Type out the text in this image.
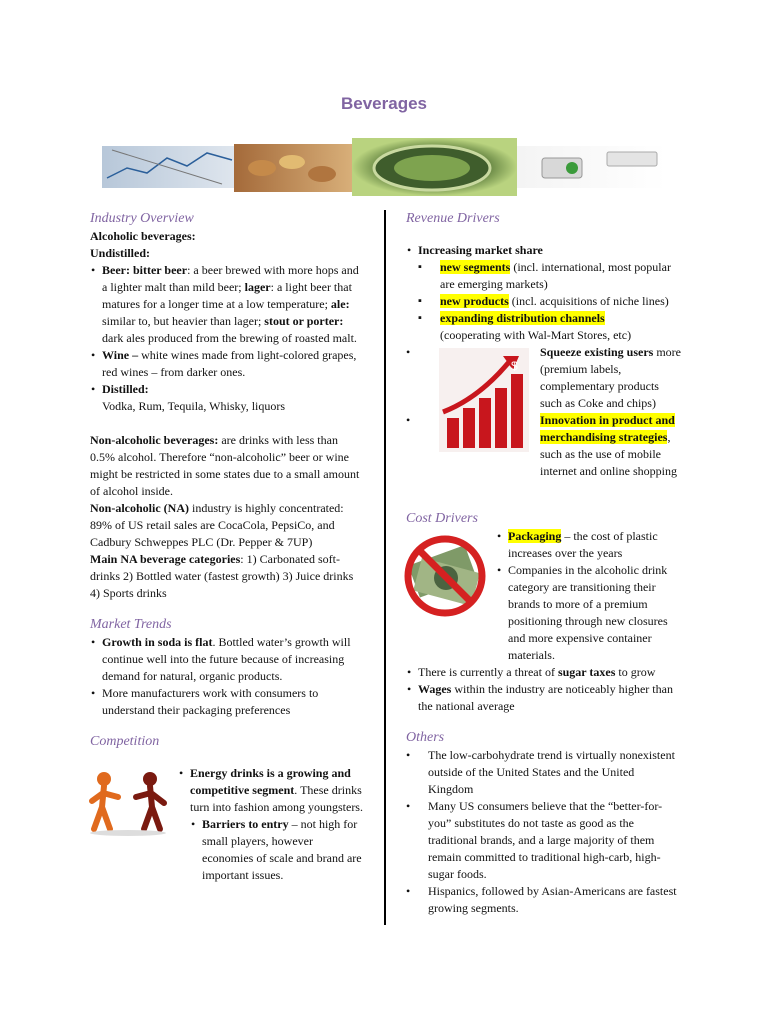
Beverages
Industry Overview

Alcoholic beverages:

Undistilled:

• Beer: bitter beer: a beer brewed with more hops and a lighter malt than mild beer; lager: a light beer that matures for a longer time at a low temperature; ale: similar to, but heavier than lager; stout or porter: dark ales produced from the brewing of roasted malt.
• Wine – white wines made from light-colored grapes, red wines – from darker ones.
• Distilled:
Vodka, Rum, Tequila, Whisky, liquors

Non-alcoholic beverages: are drinks with less than 0.5% alcohol. Therefore “non-alcoholic” beer or wine might be restricted in some states due to a small amount of alcohol inside.

Non-alcoholic (NA) industry is highly concentrated: 89% of US retail sales are CocaCola, PepsiCo, and Cadbury Schweppes PLC (Dr. Pepper & 7UP)

Main NA beverage categories: 1) Carbonated soft-drinks 2) Bottled water (fastest growth) 3) Juice drinks 4) Sports drinks

Market Trends
• Growth in soda is flat. Bottled water’s growth will continue well into the future because of increasing demand for natural, organic products.
• More manufacturers work with consumers to understand their packaging preferences
Competition
• Energy drinks is a growing and competitive segment. These drinks turn into fashion among youngsters.
• Barriers to entry – not high for small players, however economies of scale and brand are important issues.
Revenue Drivers
• Increasing market share
▪ new segments (incl. international, most popular are emerging markets)
▪ new products (incl. acquisitions of niche lines)
▪ expanding distribution channels
(cooperating with Wal-Mart Stores, etc)
$
•	Squeeze existing users more (premium labels, complementary products such as Coke and chips)
•	Innovation in product and merchandising strategies, such as the use of mobile internet and online shopping
Cost Drivers
• Packaging – the cost of plastic increases over the years
• Companies in the alcoholic drink category are transitioning their brands to more of a premium positioning through new closures and more expensive container materials.
• There is currently a threat of sugar taxes to grow
• Wages within the industry are noticeably higher than the national average
Others
• The low-carbohydrate trend is virtually nonexistent outside of the United States and the United Kingdom
• Many US consumers believe that the “better-for-you” substitutes do not taste as good as the traditional brands, and a large majority of them remain committed to traditional high-carb, high-sugar foods.
• Hispanics, followed by Asian-Americans are fastest growing segments.
